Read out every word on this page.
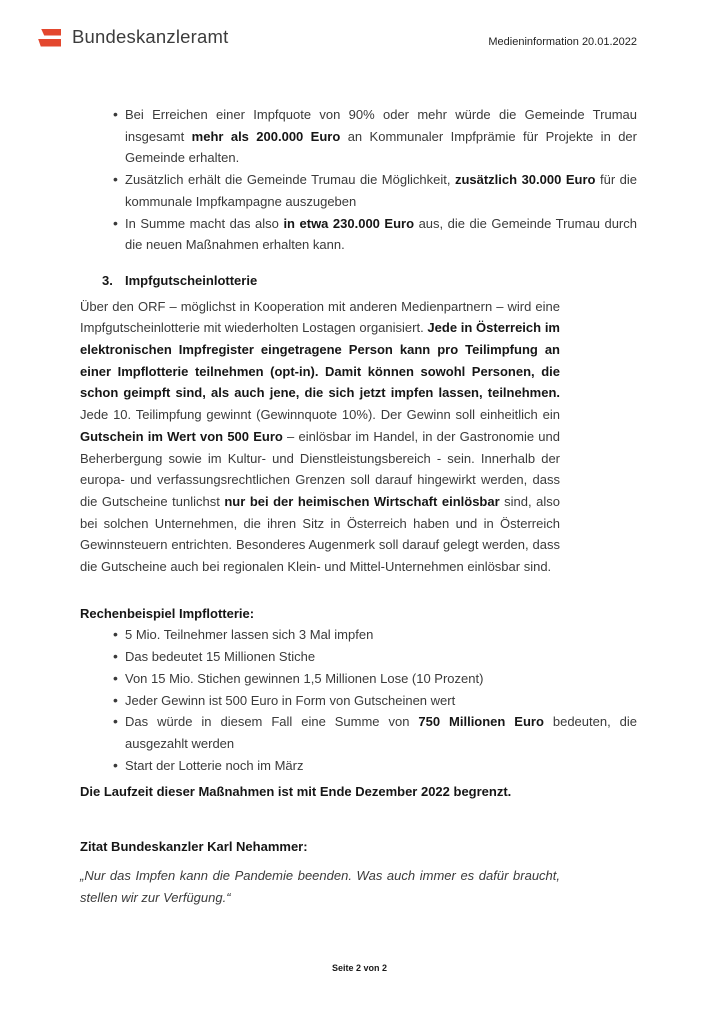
Bundeskanzleramt	Medieninformation 20.01.2022
• Bei Erreichen einer Impfquote von 90% oder mehr würde die Gemeinde Trumau insgesamt mehr als 200.000 Euro an Kommunaler Impfprämie für Projekte in der Gemeinde erhalten.
• Zusätzlich erhält die Gemeinde Trumau die Möglichkeit, zusätzlich 30.000 Euro für die kommunale Impfkampagne auszugeben
• In Summe macht das also in etwa 230.000 Euro aus, die die Gemeinde Trumau durch die neuen Maßnahmen erhalten kann.
3. Impfgutscheinlotterie

Über den ORF – möglichst in Kooperation mit anderen Medienpartnern – wird eine Impfgutscheinlotterie mit wiederholten Lostagen organisiert. Jede in Österreich im elektronischen Impfregister eingetragene Person kann pro Teilimpfung an einer Impflotterie teilnehmen (opt-in). Damit können sowohl Personen, die schon geimpft sind, als auch jene, die sich jetzt impfen lassen, teilnehmen. Jede 10. Teilimpfung gewinnt (Gewinnquote 10%). Der Gewinn soll einheitlich ein Gutschein im Wert von 500 Euro – einlösbar im Handel, in der Gastronomie und Beherbergung sowie im Kultur- und Dienstleistungsbereich - sein. Innerhalb der europa- und verfassungsrechtlichen Grenzen soll darauf hingewirkt werden, dass die Gutscheine tunlichst nur bei der heimischen Wirtschaft einlösbar sind, also bei solchen Unternehmen, die ihren Sitz in Österreich haben und in Österreich Gewinnsteuern entrichten. Besonderes Augenmerk soll darauf gelegt werden, dass die Gutscheine auch bei regionalen Klein- und Mittel-Unternehmen einlösbar sind.

Rechenbeispiel Impflotterie:

• 5 Mio. Teilnehmer lassen sich 3 Mal impfen
• Das bedeutet 15 Millionen Stiche
• Von 15 Mio. Stichen gewinnen 1,5 Millionen Lose (10 Prozent)
• Jeder Gewinn ist 500 Euro in Form von Gutscheinen wert
• Das würde in diesem Fall eine Summe von 750 Millionen Euro bedeuten, die ausgezahlt werden
• Start der Lotterie noch im März

Die Laufzeit dieser Maßnahmen ist mit Ende Dezember 2022 begrenzt.

Zitat Bundeskanzler Karl Nehammer:

„Nur das Impfen kann die Pandemie beenden. Was auch immer es dafür braucht, stellen wir zur Verfügung.“

Seite 2 von 2
